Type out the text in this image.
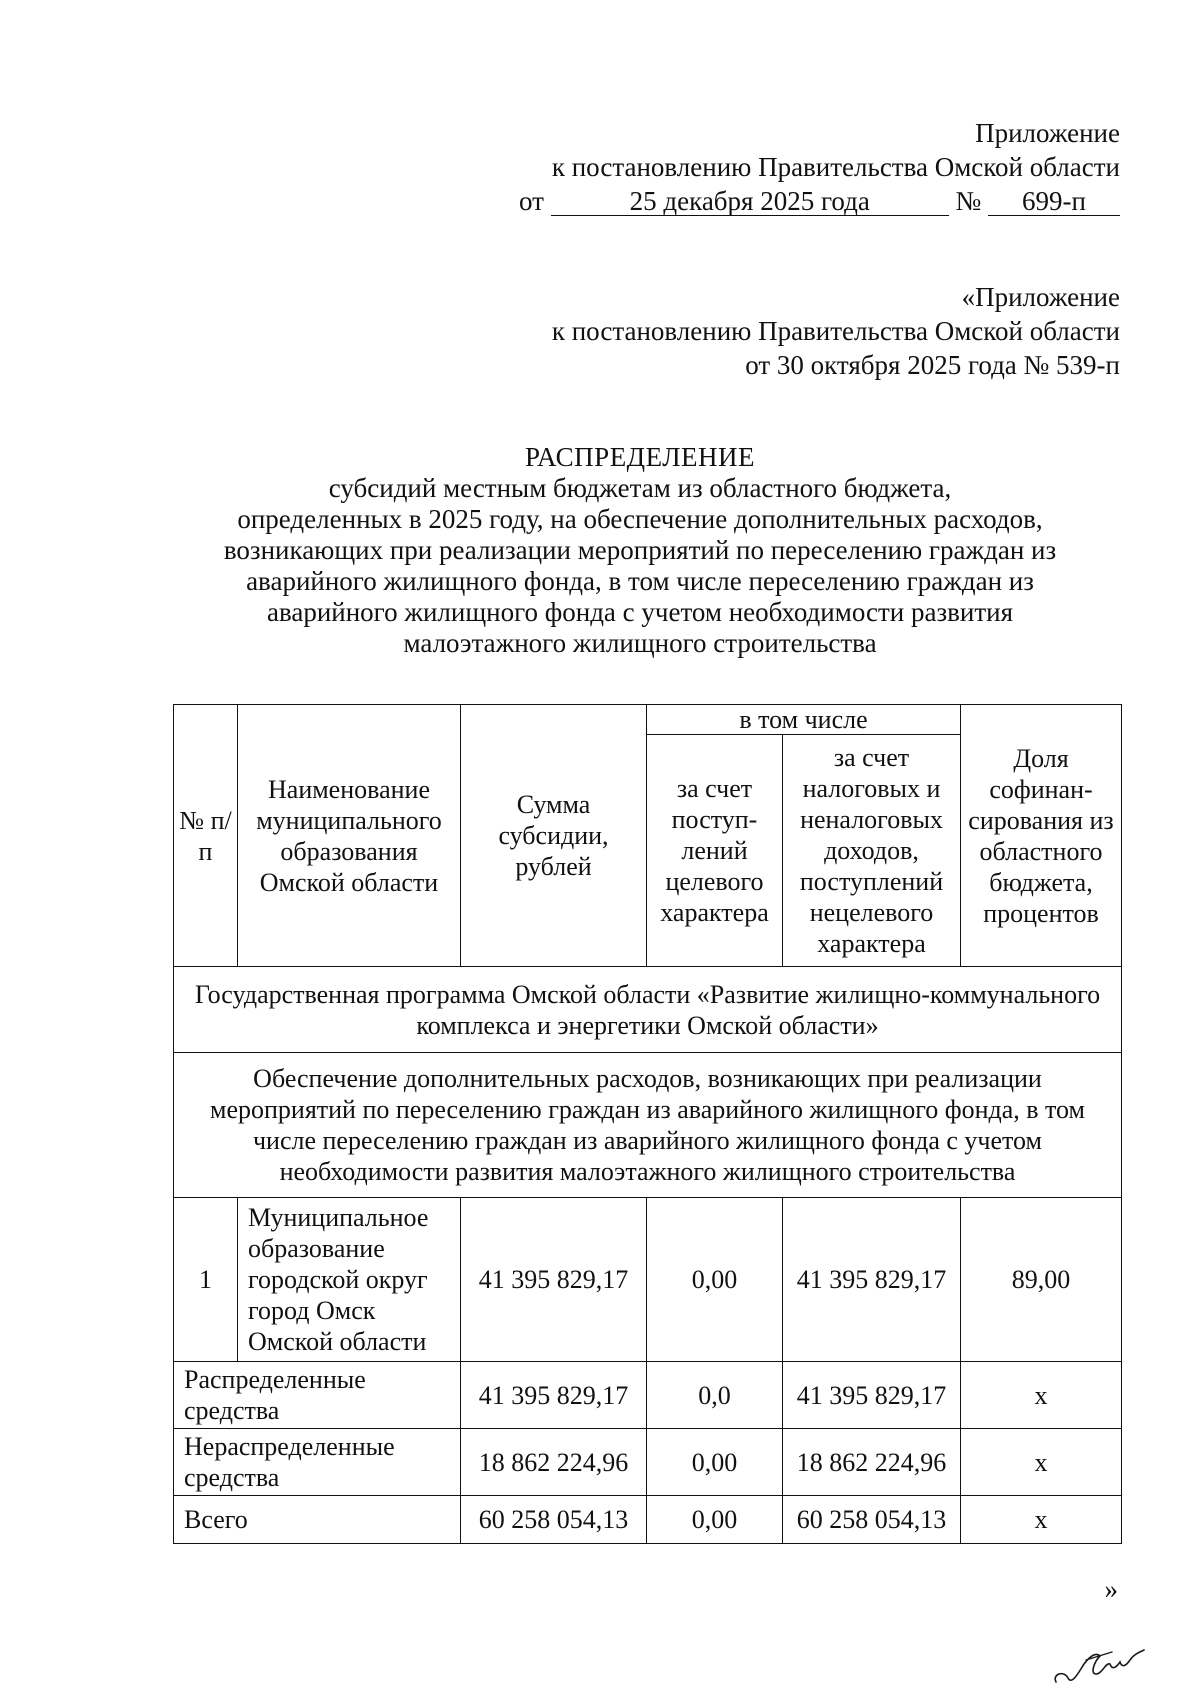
Приложение
к постановлению Правительства Омской области
от	25 декабря 2025 года	№ 699-п
«Приложение
к постановлению Правительства Омской области
от 30 октября 2025 года № 539-п
РАСПРЕДЕЛЕНИЕ
субсидий местным бюджетам из областного бюджета,
определенных в 2025 году, на обеспечение дополнительных расходов,
возникающих при реализации мероприятий по переселению граждан из
аварийного жилищного фонда, в том числе переселению граждан из
аварийного жилищного фонда с учетом необходимости развития
малоэтажного жилищного строительства
№ п/п	Наименование муниципального образования Омской области	Сумма субсидии, рублей	в том числе		Доля софинан-сирования из областного бюджета, процентов
			за счет поступ-лений целевого характера	за счет налоговых и неналоговых доходов, поступлений нецелевого характера	
Государственная программа Омской области «Развитие жилищно-коммунального комплекса и энергетики Омской области»					
Обеспечение дополнительных расходов, возникающих при реализации мероприятий по переселению граждан из аварийного жилищного фонда, в том числе переселению граждан из аварийного жилищного фонда с учетом необходимости развития малоэтажного жилищного строительства					
1	Муниципальное образование городской округ город Омск Омской области	41 395 829,17	0,00	41 395 829,17	89,00
Распределенные средства		41 395 829,17	0,0	41 395 829,17	x
Нераспределенные средства		18 862 224,96	0,00	18 862 224,96	x
Всего		60 258 054,13	0,00	60 258 054,13	x
»
